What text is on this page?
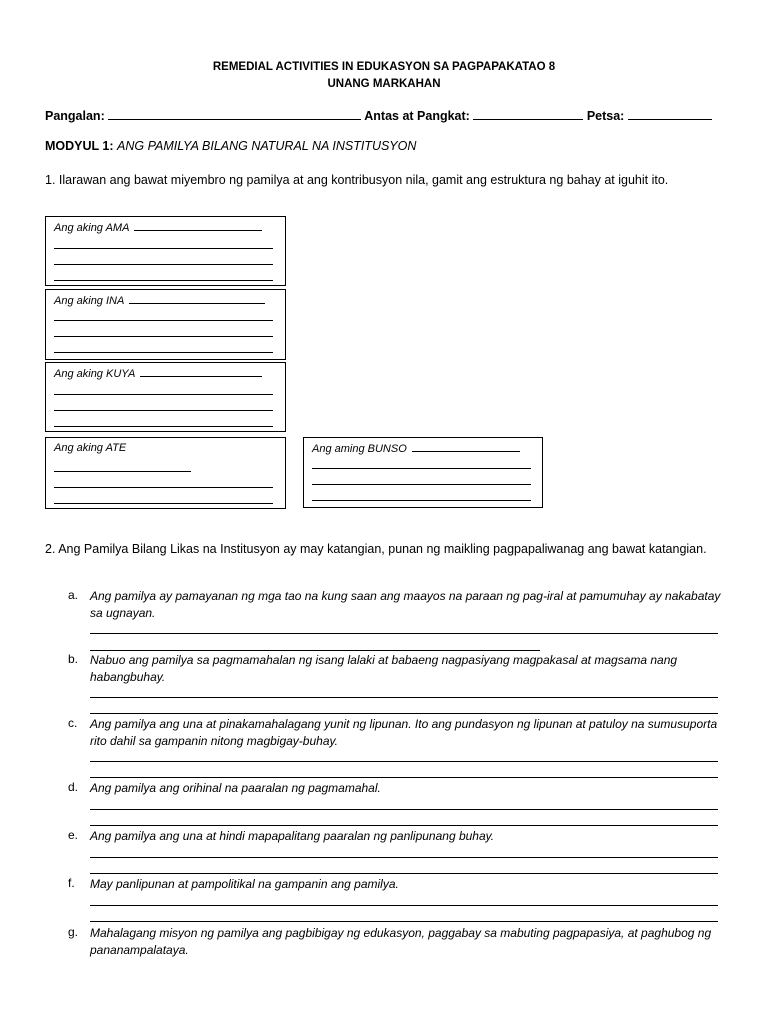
REMEDIAL ACTIVITIES IN EDUKASYON SA PAGPAPAKATAO 8
UNANG MARKAHAN
Pangalan:	Antas at Pangkat:	Petsa:
MODYUL 1: ANG PAMILYA BILANG NATURAL NA INSTITUSYON
1. Ilarawan ang bawat miyembro ng pamilya at ang kontribusyon nila, gamit ang estruktura ng bahay at iguhit ito.
Ang aking AMA
Ang aking INA
Ang aking KUYA
Ang aking ATE	Ang aming BUNSO
2. Ang Pamilya Bilang Likas na Institusyon ay may katangian, punan ng maikling pagpapaliwanag ang bawat katangian.
a. Ang pamilya ay pamayanan ng mga tao na kung saan ang maayos na paraan ng pag-iral at pamumuhay ay nakabatay sa ugnayan.
b. Nabuo ang pamilya sa pagmamahalan ng isang lalaki at babaeng nagpasiyang magpakasal at magsama nang habangbuhay.
c. Ang pamilya ang una at pinakamahalagang yunit ng lipunan. Ito ang pundasyon ng lipunan at patuloy na sumusuporta rito dahil sa gampanin nitong magbigay-buhay.
d. Ang pamilya ang orihinal na paaralan ng pagmamahal.
e. Ang pamilya ang una at hindi mapapalitang paaralan ng panlipunang buhay.
f. May panlipunan at pampolitikal na gampanin ang pamilya.
g. Mahalagang misyon ng pamilya ang pagbibigay ng edukasyon, paggabay sa mabuting pagpapasiya, at paghubog ng pananampalataya.
